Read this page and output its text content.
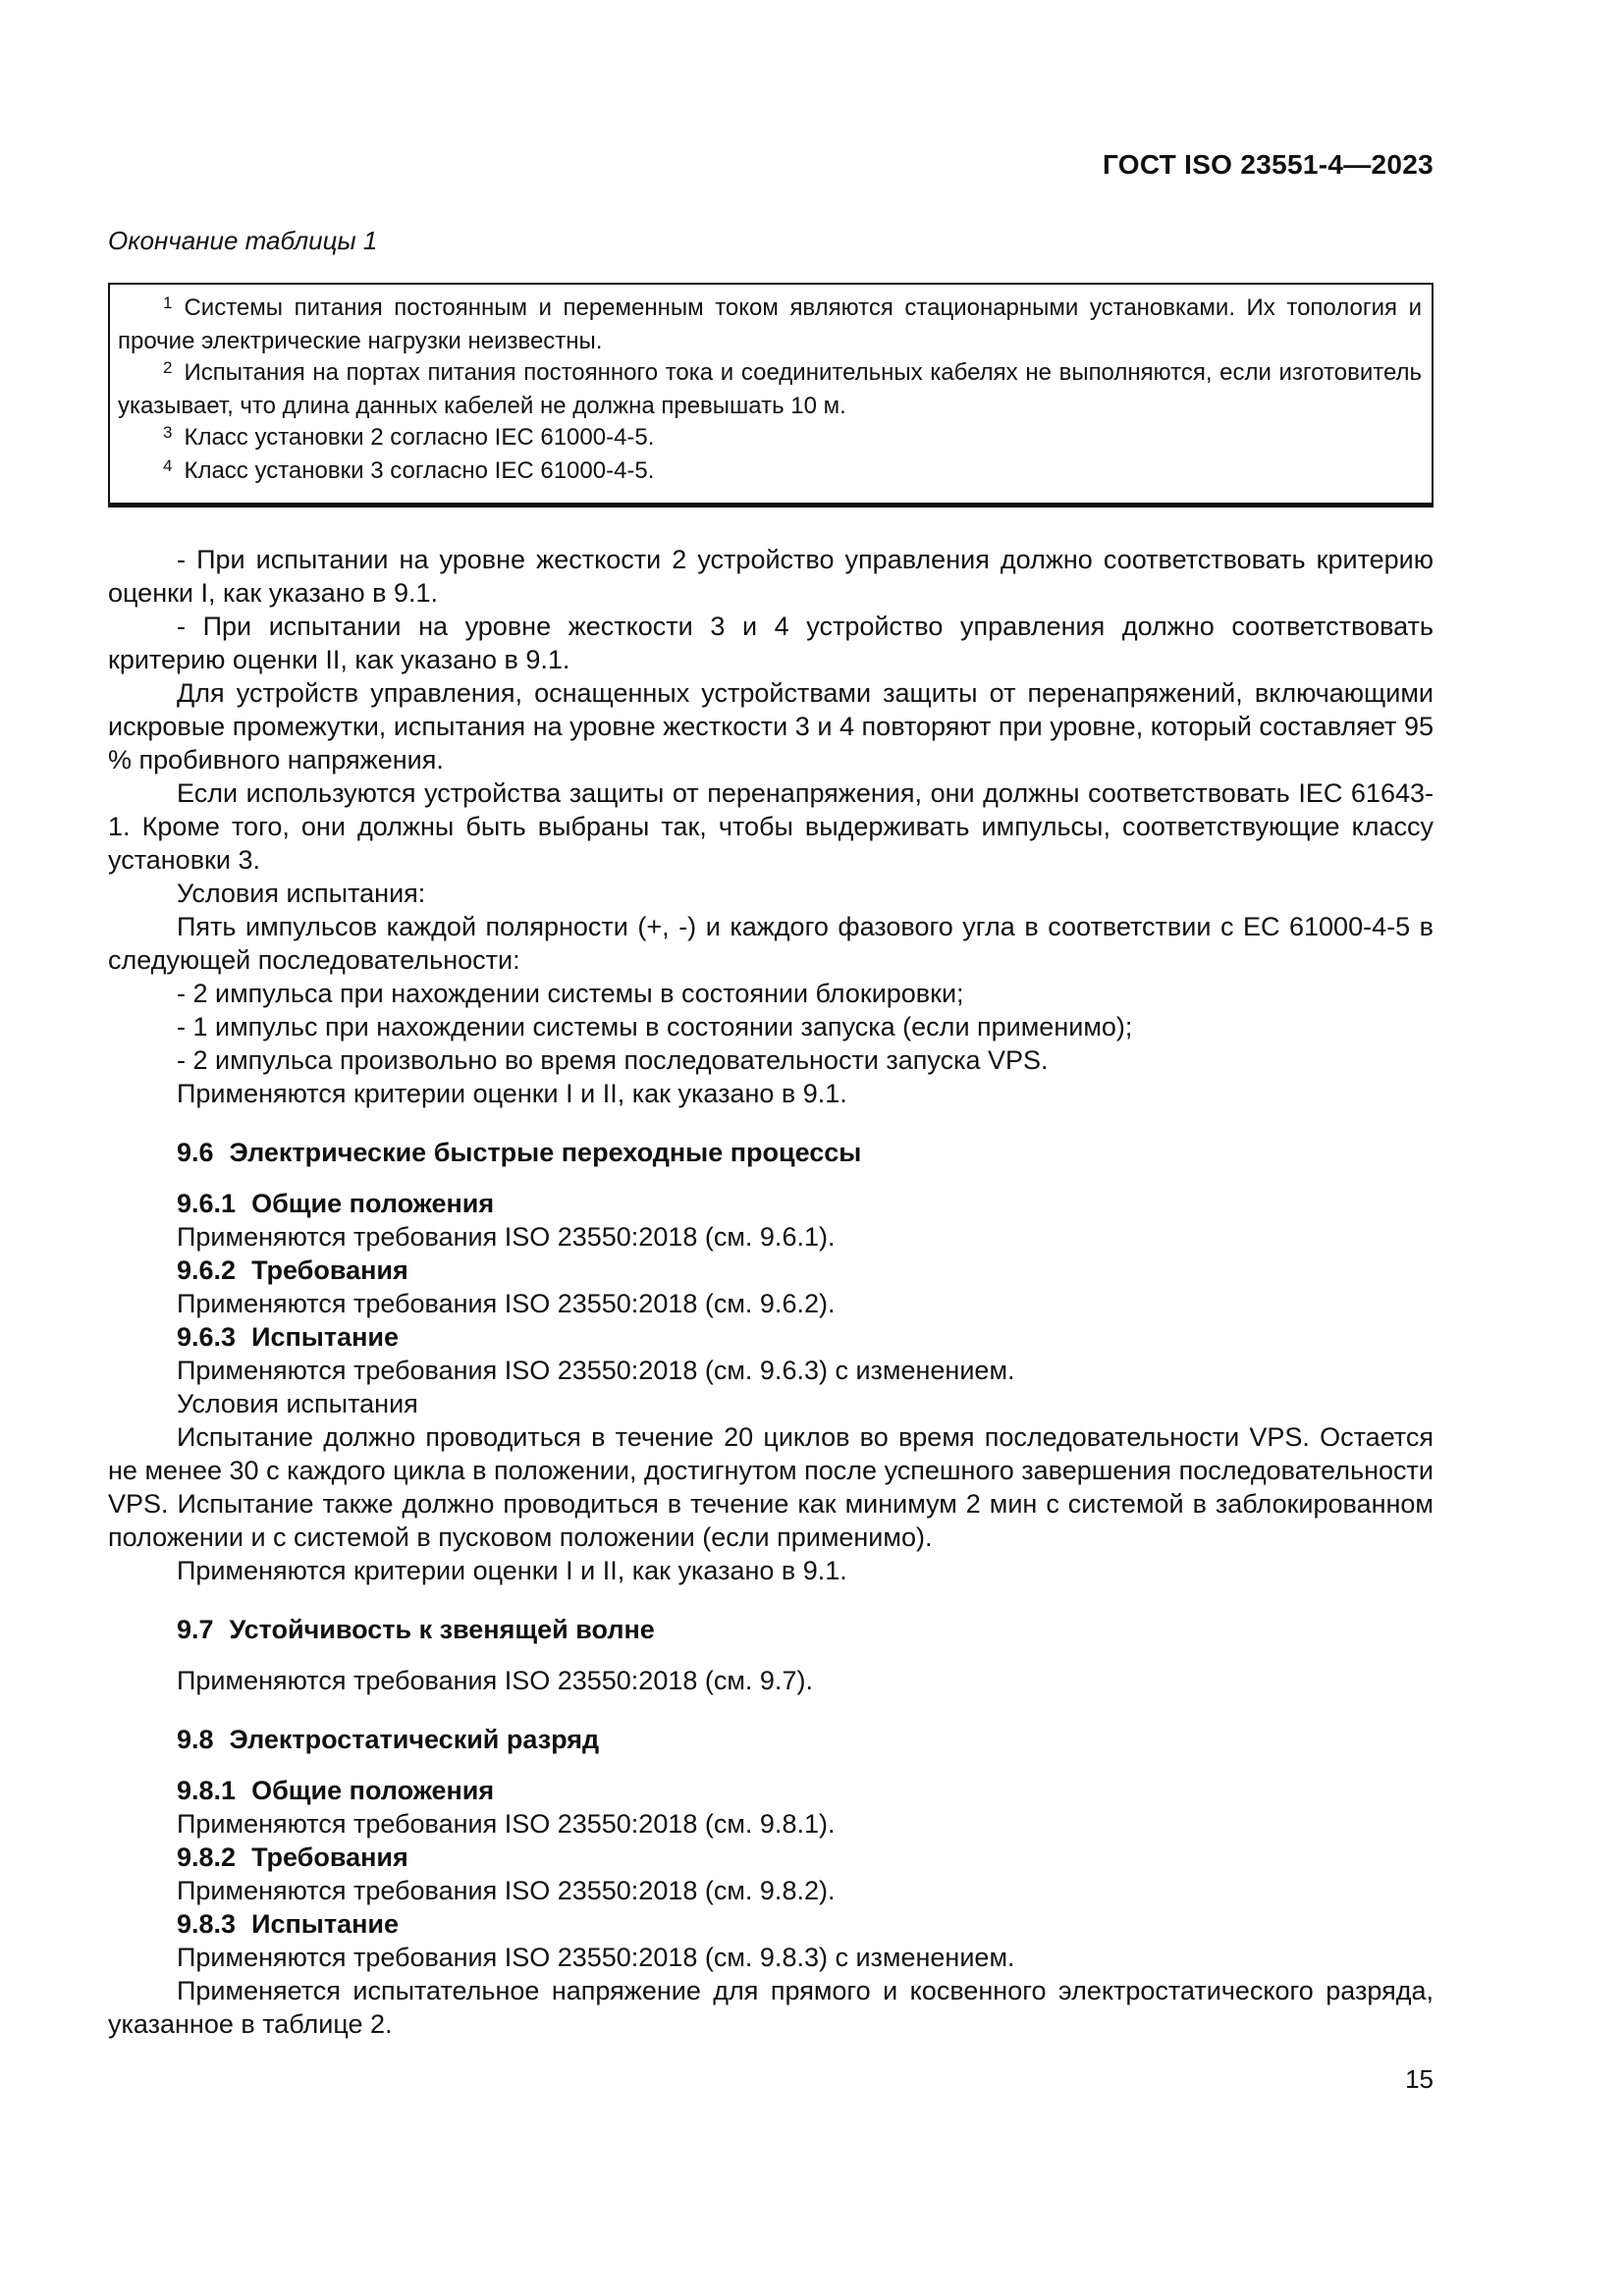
ГОСТ ISO 23551-4—2023
Окончание таблицы 1

1 Системы питания постоянным и переменным током являются стационарными установками. Их топология и прочие электрические нагрузки неизвестны.

2 Испытания на портах питания постоянного тока и соединительных кабелях не выполняются, если изготовитель указывает, что длина данных кабелей не должна превышать 10 м.

3 Класс установки 2 согласно IEC 61000-4-5.

4 Класс установки 3 согласно IEC 61000-4-5.

- При испытании на уровне жесткости 2 устройство управления должно соответствовать критерию оценки I, как указано в 9.1.

- При испытании на уровне жесткости 3 и 4 устройство управления должно соответствовать критерию оценки II, как указано в 9.1.

Для устройств управления, оснащенных устройствами защиты от перенапряжений, включающими искровые промежутки, испытания на уровне жесткости 3 и 4 повторяют при уровне, который составляет 95 % пробивного напряжения.

Если используются устройства защиты от перенапряжения, они должны соответствовать IEC 61643-1. Кроме того, они должны быть выбраны так, чтобы выдерживать импульсы, соответствующие классу установки 3.

Условия испытания:

Пять импульсов каждой полярности (+, -) и каждого фазового угла в соответствии с ЕС 61000-4-5 в следующей последовательности:

- 2 импульса при нахождении системы в состоянии блокировки;

- 1 импульс при нахождении системы в состоянии запуска (если применимо);

- 2 импульса произвольно во время последовательности запуска VPS.

Применяются критерии оценки I и II, как указано в 9.1.

9.6 Электрические быстрые переходные процессы
9.6.1 Общие положения

Применяются требования ISO 23550:2018 (см. 9.6.1).

9.6.2 Требования

Применяются требования ISO 23550:2018 (см. 9.6.2).

9.6.3 Испытание

Применяются требования ISO 23550:2018 (см. 9.6.3) с изменением.

Условия испытания

Испытание должно проводиться в течение 20 циклов во время последовательности VPS. Остается не менее 30 с каждого цикла в положении, достигнутом после успешного завершения последовательности VPS. Испытание также должно проводиться в течение как минимум 2 мин с системой в заблокированном положении и с системой в пусковом положении (если применимо).

Применяются критерии оценки I и II, как указано в 9.1.

9.7 Устойчивость к звенящей волне

Применяются требования ISO 23550:2018 (см. 9.7).

9.8 Электростатический разряд
9.8.1 Общие положения

Применяются требования ISO 23550:2018 (см. 9.8.1).

9.8.2 Требования

Применяются требования ISO 23550:2018 (см. 9.8.2).

9.8.3 Испытание

Применяются требования ISO 23550:2018 (см. 9.8.3) с изменением.

Применяется испытательное напряжение для прямого и косвенного электростатического разряда, указанное в таблице 2.

15
